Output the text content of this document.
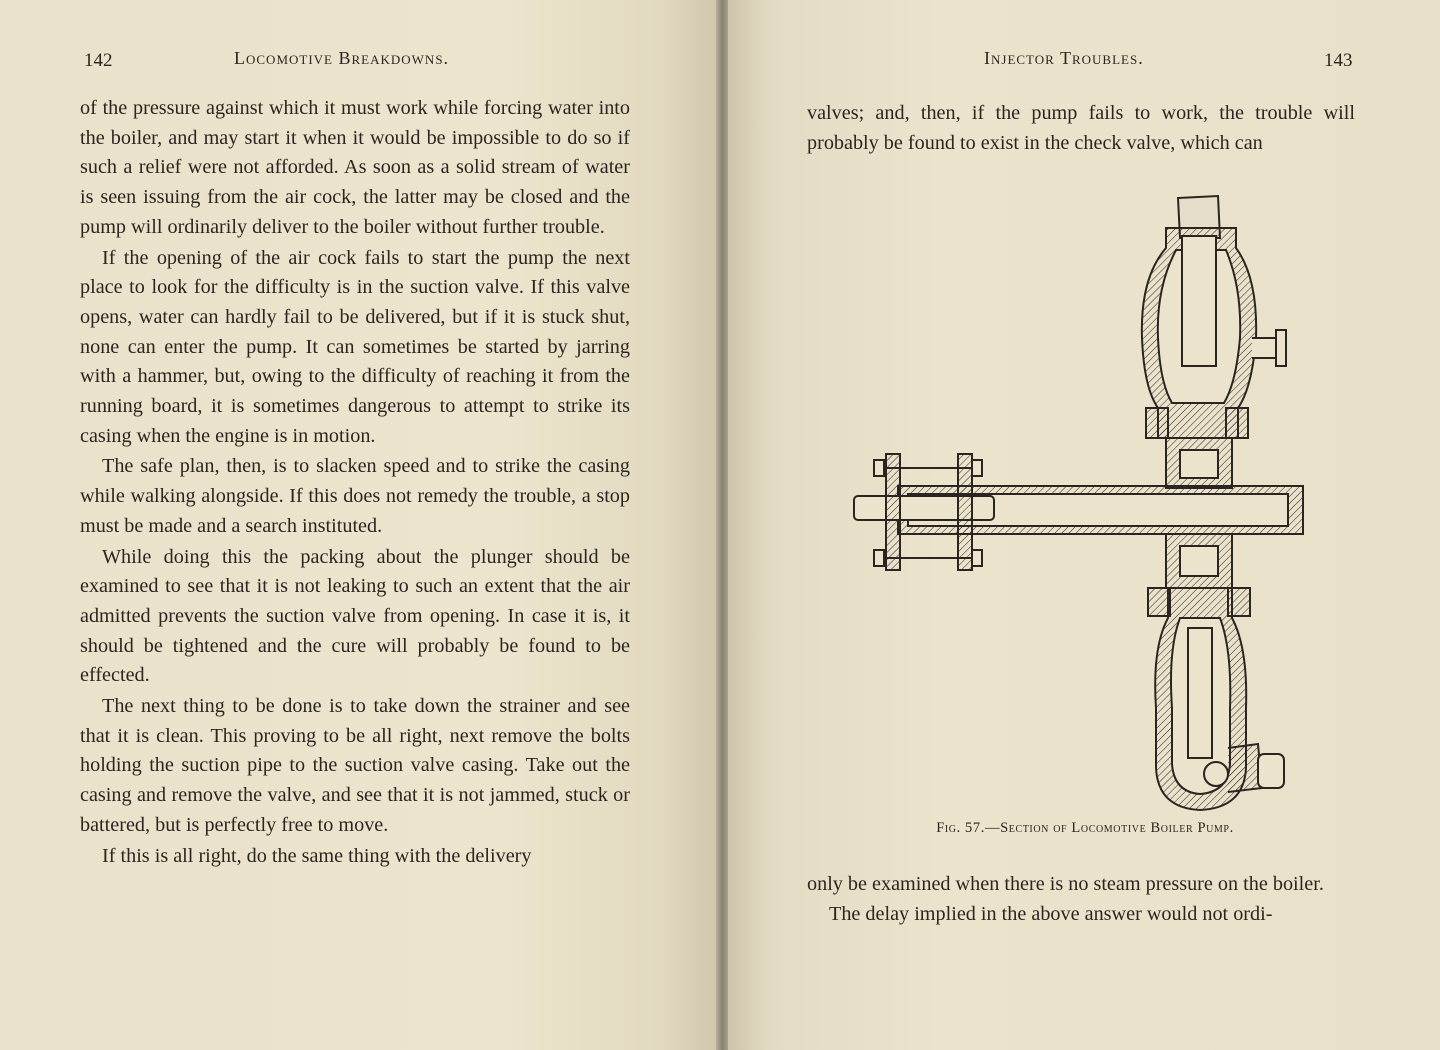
142	Locomotive Breakdowns.

of the pressure against which it must work while forcing water into the boiler, and may start it when it would be impossible to do so if such a relief were not afforded. As soon as a solid stream of water is seen issuing from the air cock, the latter may be closed and the pump will ordinarily deliver to the boiler without further trouble.

If the opening of the air cock fails to start the pump the next place to look for the difficulty is in the suction valve. If this valve opens, water can hardly fail to be delivered, but if it is stuck shut, none can enter the pump. It can sometimes be started by jarring with a hammer, but, owing to the difficulty of reaching it from the running board, it is sometimes dangerous to attempt to strike its casing when the engine is in motion.

The safe plan, then, is to slacken speed and to strike the casing while walking alongside. If this does not remedy the trouble, a stop must be made and a search instituted.

While doing this the packing about the plunger should be examined to see that it is not leaking to such an extent that the air admitted prevents the suction valve from opening. In case it is, it should be tightened and the cure will probably be found to be effected.

The next thing to be done is to take down the strainer and see that it is clean. This proving to be all right, next remove the bolts holding the suction pipe to the suction valve casing. Take out the casing and remove the valve, and see that it is not jammed, stuck or battered, but is perfectly free to move.

If this is all right, do the same thing with the delivery

Injector Troubles.	143

valves; and, then, if the pump fails to work, the trouble will probably be found to exist in the check valve, which can

Fig. 57.—Section of Locomotive Boiler Pump.

only be examined when there is no steam pressure on the boiler.

The delay implied in the above answer would not ordi-
